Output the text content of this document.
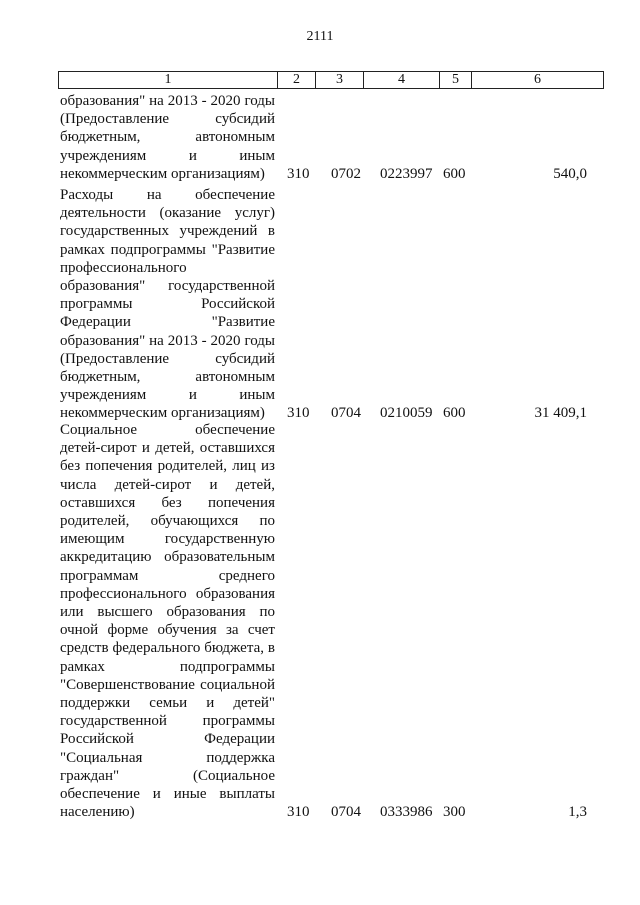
2111
1	2	3	4	5	6
образования" на 2013 - 2020 годы
(Предоставление субсидий
бюджетным, автономным
учреждениям и иным
некоммерческим организациям)	310 0702 0223997 600	540,0
Расходы на обеспечение
деятельности (оказание услуг)
государственных учреждений в
рамках подпрограммы "Развитие
профессионального
образования" государственной
программы Российской
Федерации "Развитие
образования" на 2013 - 2020 годы
(Предоставление субсидий
бюджетным, автономным
учреждениям и иным
некоммерческим организациям)	310 0704 0210059 600	31 409,1
Социальное обеспечение
детей-сирот и детей, оставшихся
без попечения родителей, лиц из
числа детей-сирот и детей,
оставшихся без попечения
родителей, обучающихся по
имеющим государственную
аккредитацию образовательным
программам среднего
профессионального образования
или высшего образования по
очной форме обучения за счет
средств федерального бюджета, в
рамках подпрограммы
"Совершенствование социальной
поддержки семьи и детей"
государственной программы
Российской Федерации
"Социальная поддержка
граждан" (Социальное
обеспечение и иные выплаты
населению)	310 0704 0333986 300	1,3
